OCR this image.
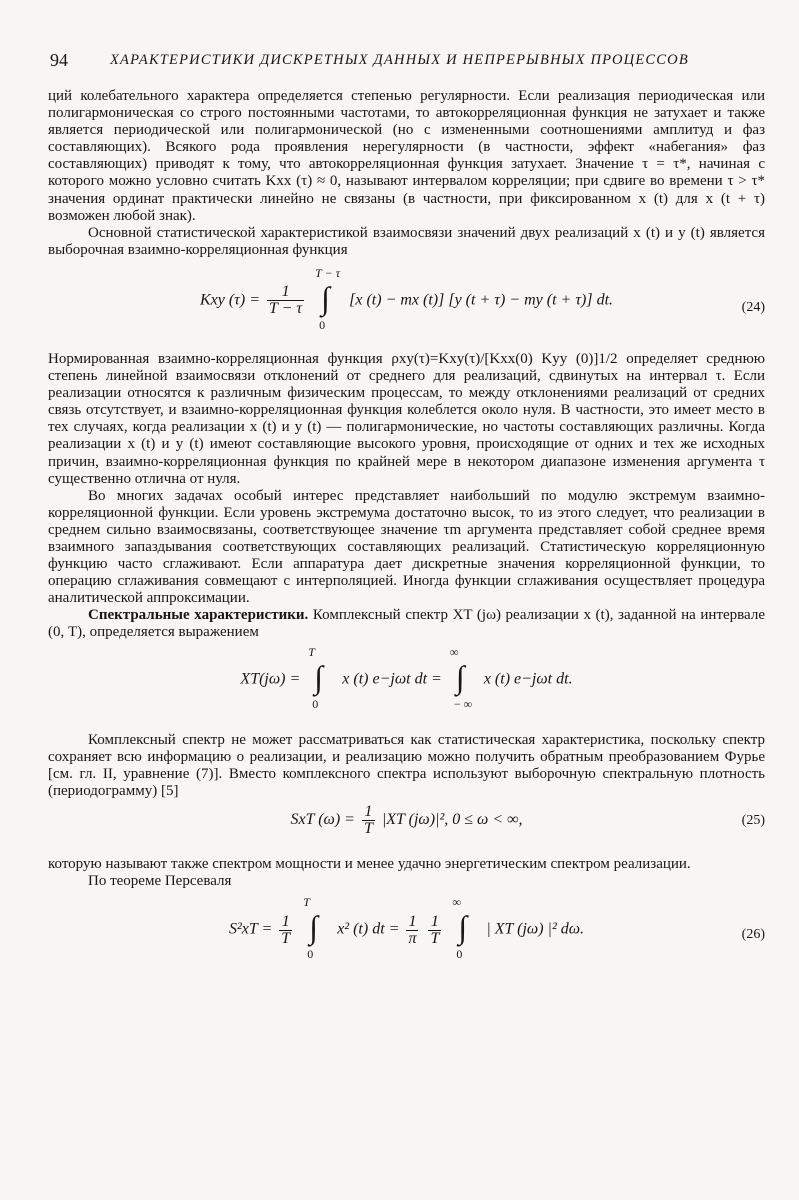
94	ХАРАКТЕРИСТИКИ ДИСКРЕТНЫХ ДАННЫХ И НЕПРЕРЫВНЫХ ПРОЦЕССОВ

ций колебательного характера определяется степенью регулярности. Если реализация периодическая или полигармоническая со строго постоянными частотами, то автокорреляционная функция не затухает и также является периодической или полигармонической (но с измененными соотношениями амплитуд и фаз составляющих). Всякого рода проявления нерегулярности (в частности, эффект «набегания» фаз составляющих) приводят к тому, что автокорреляционная функция затухает. Значение τ = τ*, начиная с которого можно условно считать Kxx (τ) ≈ 0, называют интервалом корреляции; при сдвиге во времени τ > τ* значения ординат практически линейно не связаны (в частности, при фиксированном x (t) для x (t + τ) возможен любой знак).

Основной статистической характеристикой взаимосвязи значений двух реализаций x (t) и y (t) является выборочная взаимно-корреляционная функция

Kxy $(\tau) = \frac{1}{T - \tau}$

T − τ
∫
0
[x (t) − mx (t)] [y (t + τ) − my (t + τ)] dt.	(24)

Нормированная взаимно-корреляционная функция ρxy(τ)=Kxy(τ)/[Kxx(0) Kyy (0)]1/2 определяет среднюю степень линейной взаимосвязи отклонений от среднего для реализаций, сдвинутых на интервал τ. Если реализации относятся к различным физическим процессам, то между отклонениями реализаций от средних связь отсутствует, и взаимно-корреляционная функция колеблется около нуля. В частности, это имеет место в тех случаях, когда реализации x (t) и y (t) — полигармонические, но частоты составляющих различны. Когда реализации x (t) и y (t) имеют составляющие высокого уровня, происходящие от одних и тех же исходных причин, взаимно-корреляционная функция по крайней мере в некотором диапазоне изменения аргумента τ существенно отлична от нуля.

Во многих задачах особый интерес представляет наибольший по модулю экстремум взаимно-корреляционной функции. Если уровень экстремума достаточно высок, то из этого следует, что реализации в среднем сильно взаимосвязаны, соответствующее значение τm аргумента представляет собой среднее время взаимного запаздывания соответствующих составляющих реализаций. Статистическую корреляционную функцию часто сглаживают. Если аппаратура дает дискретные значения корреляционной функции, то операцию сглаживания совмещают с интерполяцией. Иногда функции сглаживания осуществляет процедура аналитической аппроксимации.

Спектральные характеристики. Комплексный спектр XT (jω) реализации x (t), заданной на интервале (0, T), определяется выражением

XT(jω) =
T
∫
0
x (t) e−jωt dt =
∞
∫
− ∞
x (t) e−jωt dt.

Комплексный спектр не может рассматриваться как статистическая характеристика, поскольку спектр сохраняет всю информацию о реализации, и реализацию можно получить обратным преобразованием Фурье [см. гл. II, уравнение (7)]. Вместо комплексного спектра используют выборочную спектральную плотность (периодограмму) [5]

SxT $(\omega) = \frac{1}{T} |XT$ (jω)|², 0 ≤ ω < ∞,	(25)

которую называют также спектром мощности и менее удачно энергетическим спектром реализации.

По теореме Персеваля

$S^2xT = \frac{1}{T}$

T
∫
0
x² (t) dt = $\frac{1}{\pi}$
$\frac{1}{T}$

∞
∫
0
| XT (jω) |² dω.	(26)
